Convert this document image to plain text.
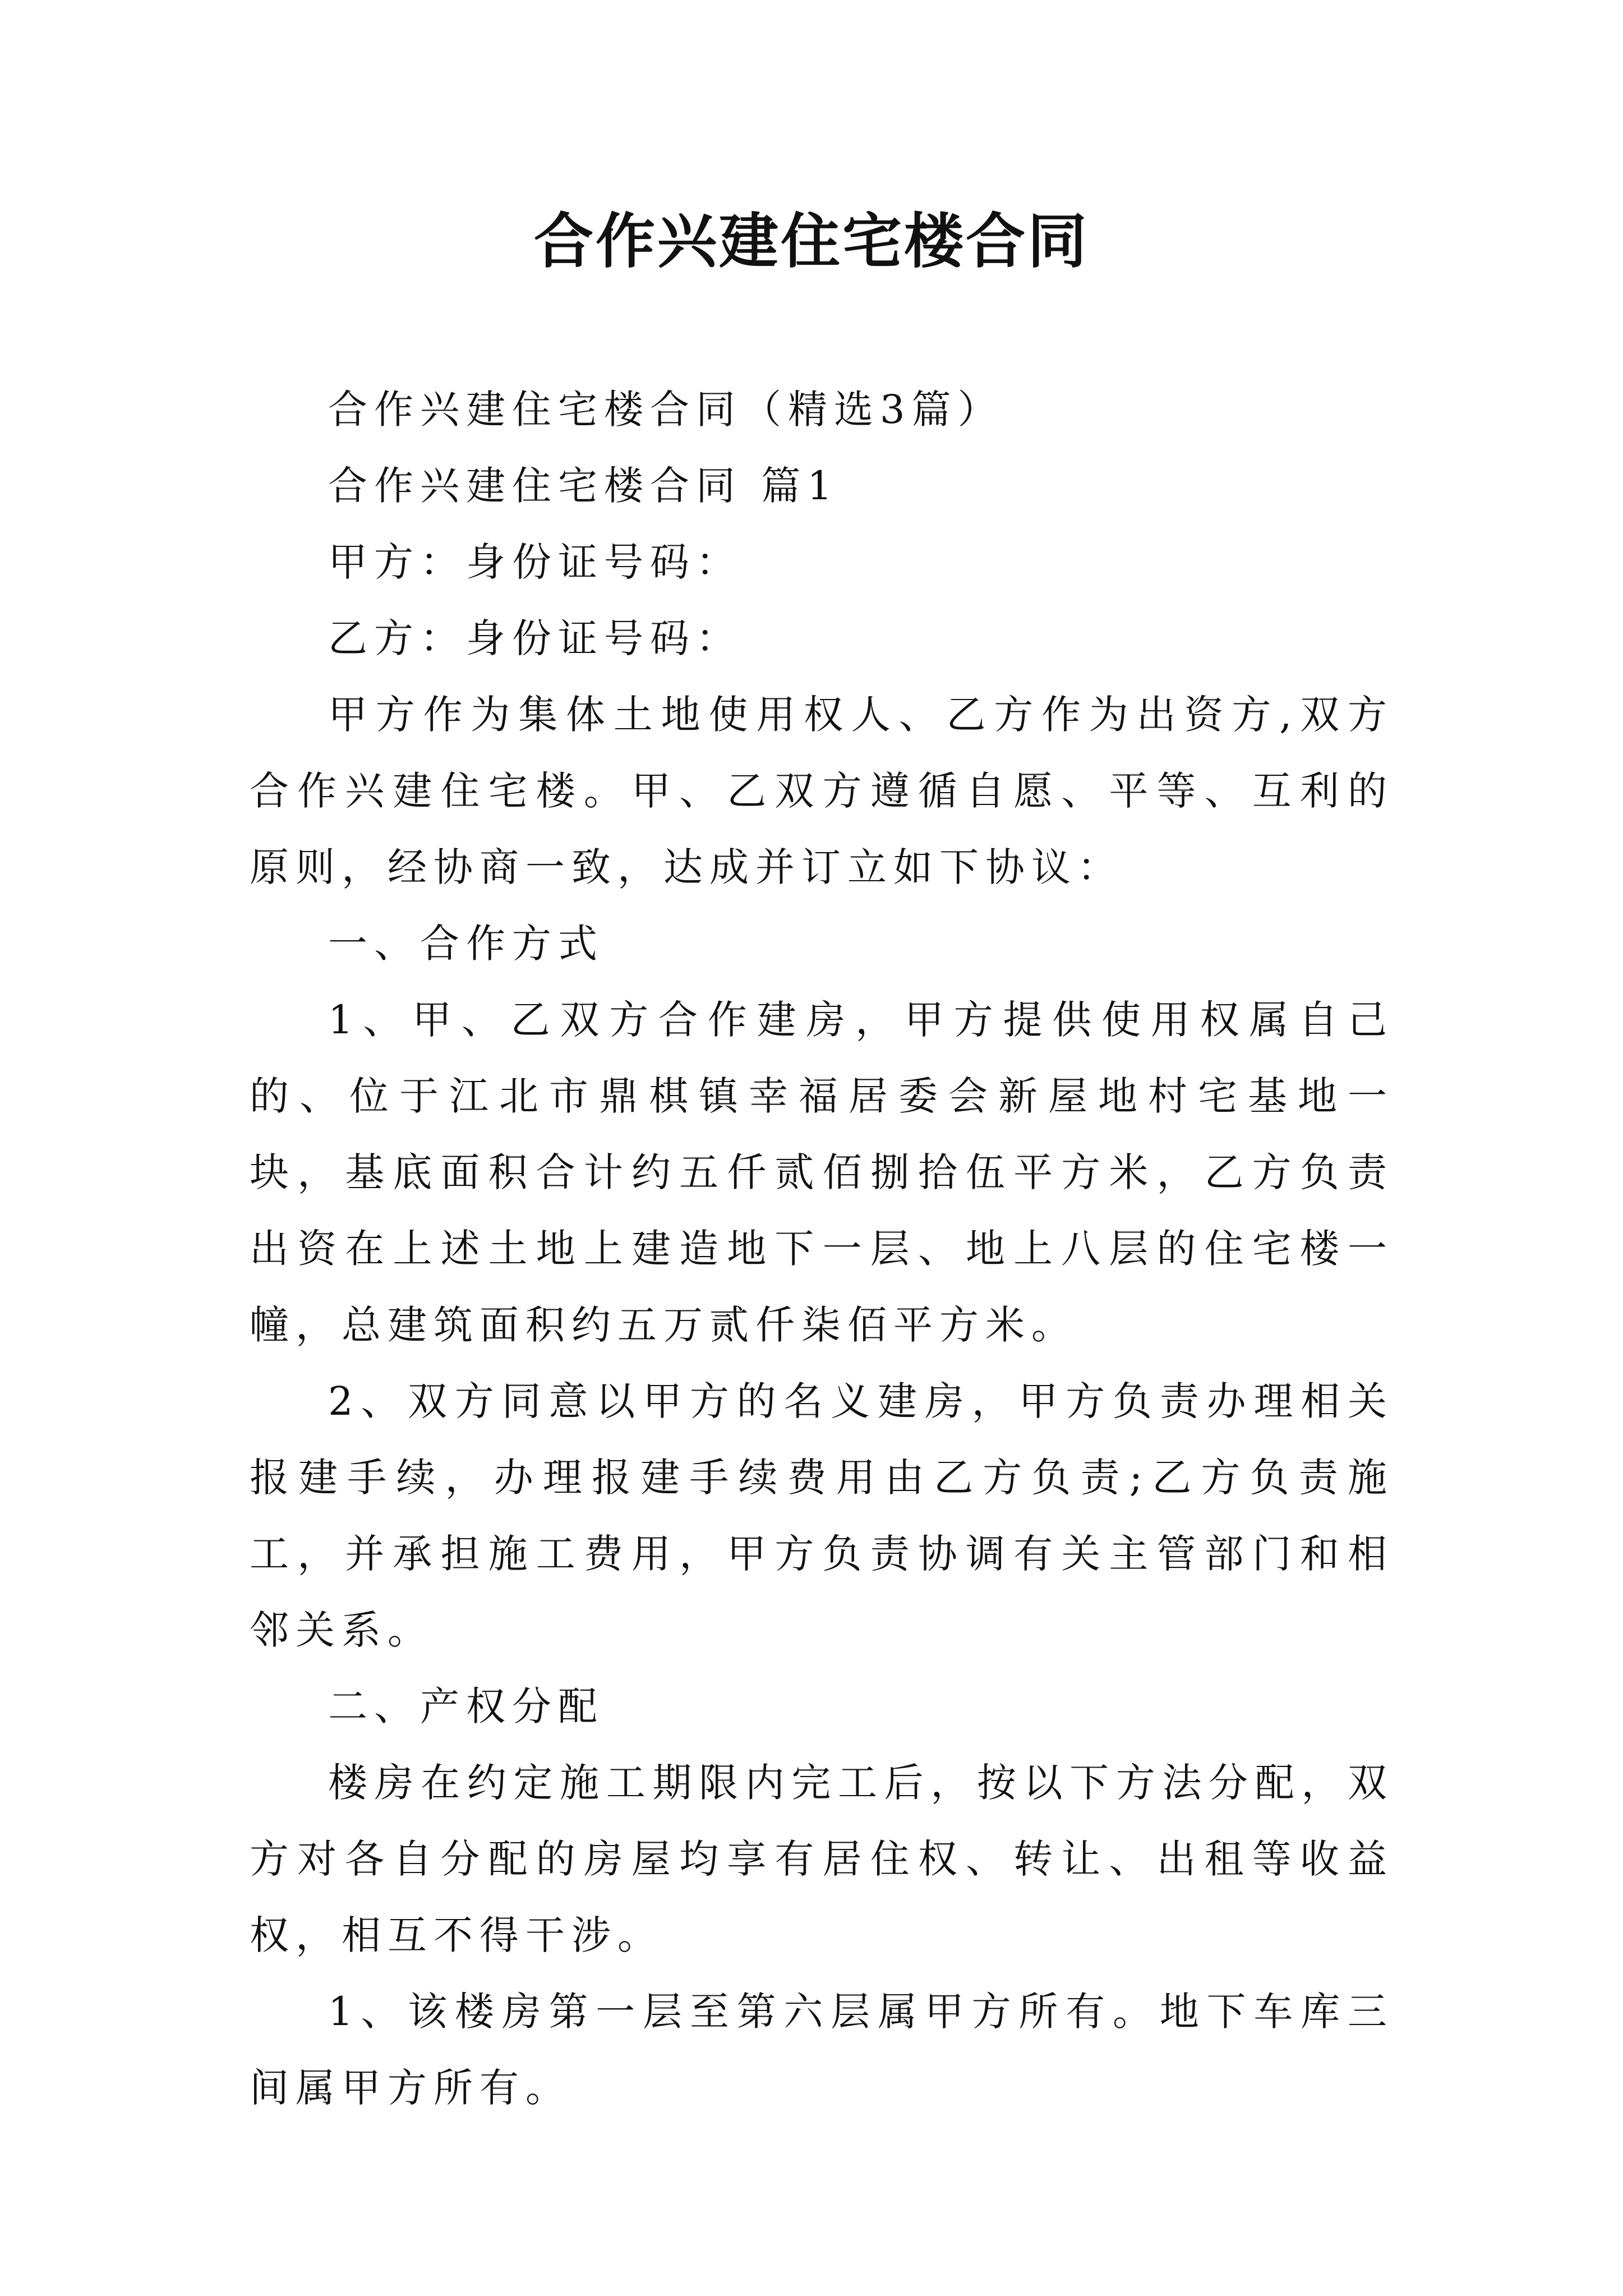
合作兴建住宅楼合同

合作兴建住宅楼合同（精选3篇）

合作兴建住宅楼合同 篇1

甲方：身份证号码：

乙方：身份证号码：

甲方作为集体土地使用权人、乙方作为出资方,双方合作兴建住宅楼。甲、乙双方遵循自愿、平等、互利的原则，经协商一致，达成并订立如下协议：

一、合作方式

1、甲、乙双方合作建房，甲方提供使用权属自己的、位于江北市鼎棋镇幸福居委会新屋地村宅基地一块，基底面积合计约五仟贰佰捌拾伍平方米，乙方负责出资在上述土地上建造地下一层、地上八层的住宅楼一幢，总建筑面积约五万贰仟柒佰平方米。

2、双方同意以甲方的名义建房，甲方负责办理相关报建手续，办理报建手续费用由乙方负责;乙方负责施工，并承担施工费用，甲方负责协调有关主管部门和相邻关系。

二、产权分配

楼房在约定施工期限内完工后，按以下方法分配，双方对各自分配的房屋均享有居住权、转让、出租等收益权，相互不得干涉。

1、该楼房第一层至第六层属甲方所有。地下车库三间属甲方所有。
